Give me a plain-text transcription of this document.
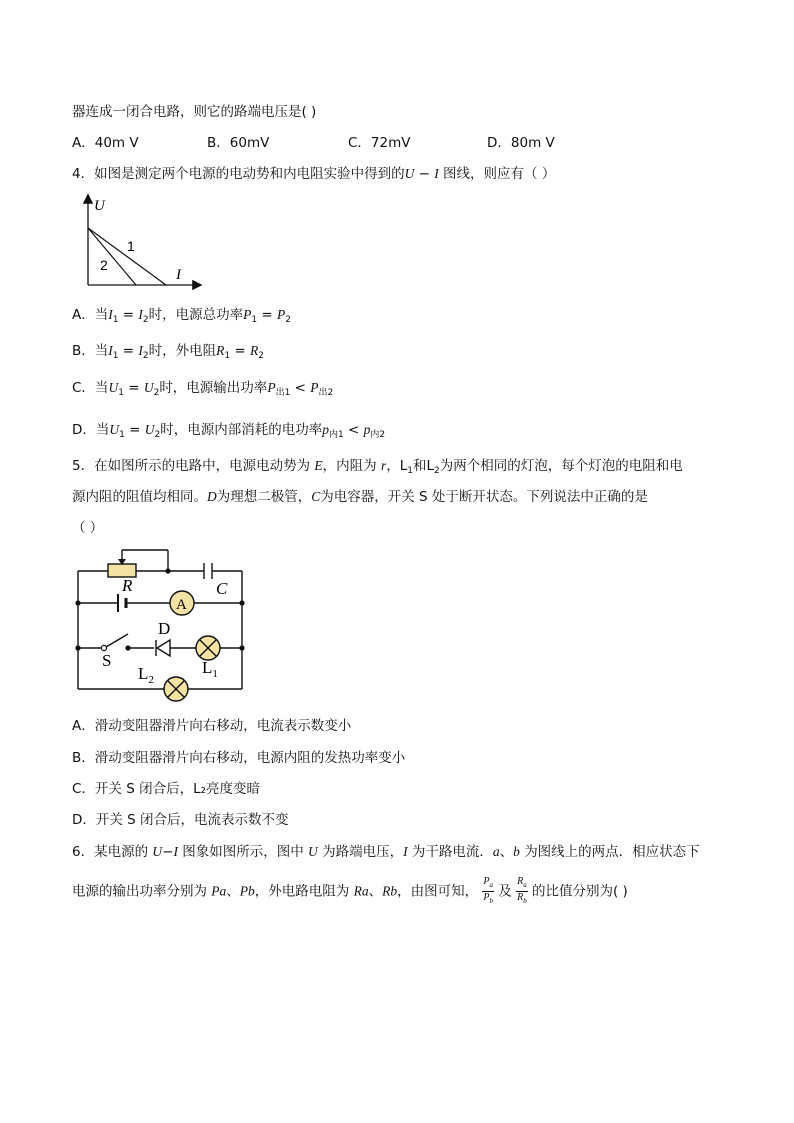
器连成一闭合电路，则它的路端电压是( )
A．40m V	B．60mV	C．72mV	D．80m V
4．如图是测定两个电源的电动势和内电阻实验中得到的U − I 图线，则应有（ ）
U
I
1
2
A．当$I_1 = I_2$时，电源总功率$P_1 = P_2$
B．当$I_1 = I_2$时，外电阻$R_1 = R_2$
C．当$U_1 = U_2$时，电源输出功率$P_{出1} < P_{出2}$
D．当$U_1 = U_2$时，电源内部消耗的电功率$p_{内1} < p_{内2}$
5．在如图所示的电路中，电源电动势为 E，内阻为 r，$L_1$和$L_2$为两个相同的灯泡，每个灯泡的电阻和电
源内阻的阻值均相同。D为理想二极管，C为电容器，开关 S 处于断开状态。下列说法中正确的是
（ ）
R	C
A
D
S	$L_1$
$L_2$
A．滑动变阻器滑片向右移动，电流表示数变小
B．滑动变阻器滑片向右移动，电源内阻的发热功率变小
C．开关 S 闭合后，L₂亮度变暗
D．开关 S 闭合后，电流表示数不变
6．某电源的 U−I 图象如图所示，图中 U 为路端电压，I 为干路电流．a、b 为图线上的两点．相应状态下
电源的输出功率分别为 Pa、Pb，外电路电阻为 Ra、Rb，由图可知， $\frac{P_a}{P_b}$ 及 $\frac{R_a}{R_b}$ 的比值分别为( )
